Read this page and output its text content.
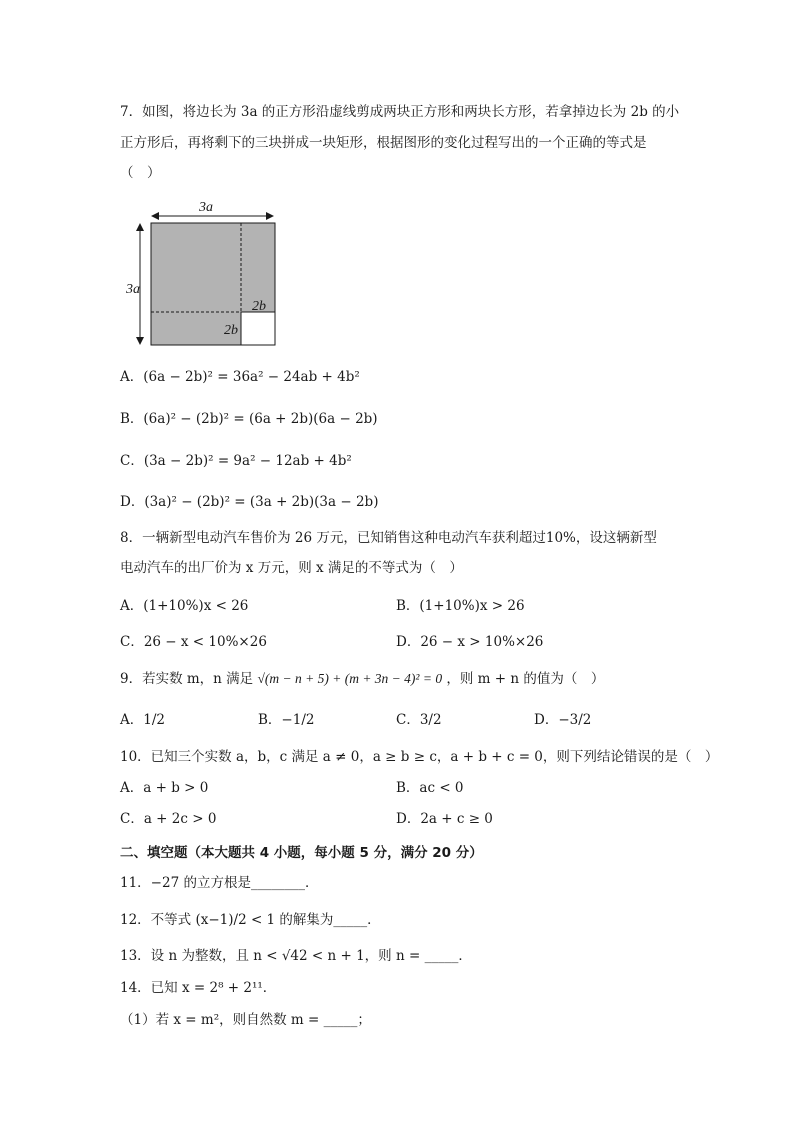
7．如图，将边长为 3a 的正方形沿虚线剪成两块正方形和两块长方形，若拿掉边长为 2b 的小
正方形后，再将剩下的三块拼成一块矩形，根据图形的变化过程写出的一个正确的等式是
（　）
3a
3a
2b
2b
A．(6a − 2b)² = 36a² − 24ab + 4b²
B．(6a)² − (2b)² = (6a + 2b)(6a − 2b)
C．(3a − 2b)² = 9a² − 12ab + 4b²
D．(3a)² − (2b)² = (3a + 2b)(3a − 2b)
8．一辆新型电动汽车售价为 26 万元，已知销售这种电动汽车获利超过10%，设这辆新型
电动汽车的出厂价为 x 万元，则 x 满足的不等式为（　）
A．(1+10%)x < 26	B．(1+10%)x > 26
C．26 − x < 10%×26	D．26 − x > 10%×26
9．若实数 m，n 满足 √(m − n + 5) + (m + 3n − 4)² = 0 ，则 m + n 的值为（　）
A．1/2	B．−1/2	C．3/2	D．−3/2
10．已知三个实数 a，b，c 满足 a ≠ 0，a ≥ b ≥ c，a + b + c = 0，则下列结论错误的是（　）
A．a + b > 0	B．ac < 0
C．a + 2c > 0	D．2a + c ≥ 0
二、填空题（本大题共 4 小题，每小题 5 分，满分 20 分）
11．−27 的立方根是________．
12．不等式 (x−1)/2 < 1 的解集为_____．
13．设 n 为整数，且 n < √42 < n + 1，则 n = _____．
14．已知 x = 2⁸ + 2¹¹．
（1）若 x = m²，则自然数 m = _____；
